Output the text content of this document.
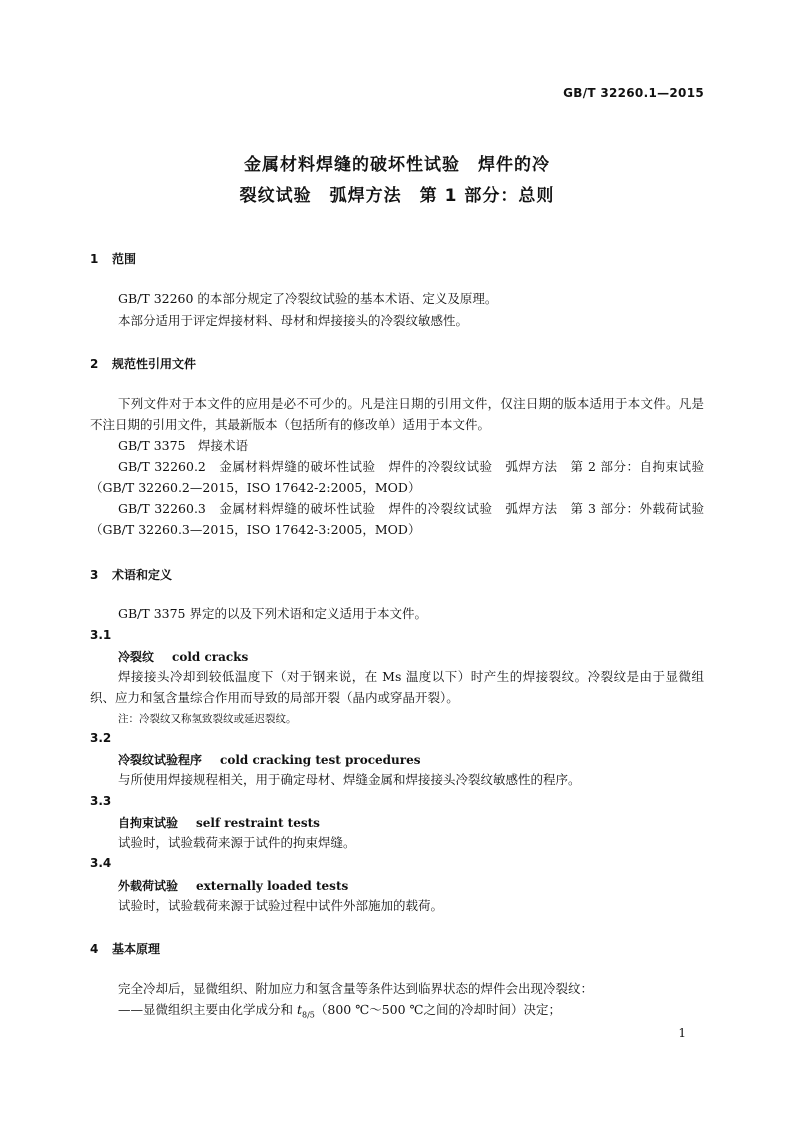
GB/T 32260.1—2015
金属材料焊缝的破坏性试验　焊件的冷
裂纹试验　弧焊方法　第 1 部分：总则
1 范围
GB/T 32260 的本部分规定了冷裂纹试验的基本术语、定义及原理。
本部分适用于评定焊接材料、母材和焊接接头的冷裂纹敏感性。
2 规范性引用文件
下列文件对于本文件的应用是必不可少的。凡是注日期的引用文件，仅注日期的版本适用于本文件。凡是不注日期的引用文件，其最新版本（包括所有的修改单）适用于本文件。
GB/T 3375　焊接术语
GB/T 32260.2　金属材料焊缝的破坏性试验　焊件的冷裂纹试验　弧焊方法　第 2 部分：自拘束试验（GB/T 32260.2—2015，ISO 17642-2:2005，MOD）
GB/T 32260.3　金属材料焊缝的破坏性试验　焊件的冷裂纹试验　弧焊方法　第 3 部分：外载荷试验（GB/T 32260.3—2015，ISO 17642-3:2005，MOD）
3 术语和定义
GB/T 3375 界定的以及下列术语和定义适用于本文件。
3.1
冷裂纹 cold cracks
焊接接头冷却到较低温度下（对于钢来说，在 Ms 温度以下）时产生的焊接裂纹。冷裂纹是由于显微组织、应力和氢含量综合作用而导致的局部开裂（晶内或穿晶开裂）。
注：冷裂纹又称氢致裂纹或延迟裂纹。
3.2
冷裂纹试验程序 cold cracking test procedures
与所使用焊接规程相关，用于确定母材、焊缝金属和焊接接头冷裂纹敏感性的程序。
3.3
自拘束试验 self restraint tests
试验时，试验载荷来源于试件的拘束焊缝。
3.4
外载荷试验 externally loaded tests
试验时，试验载荷来源于试验过程中试件外部施加的载荷。
4 基本原理
完全冷却后，显微组织、附加应力和氢含量等条件达到临界状态的焊件会出现冷裂纹：
——显微组织主要由化学成分和 $t_{8/5}(800$ ℃～500 ℃之间的冷却时间）决定；
1
